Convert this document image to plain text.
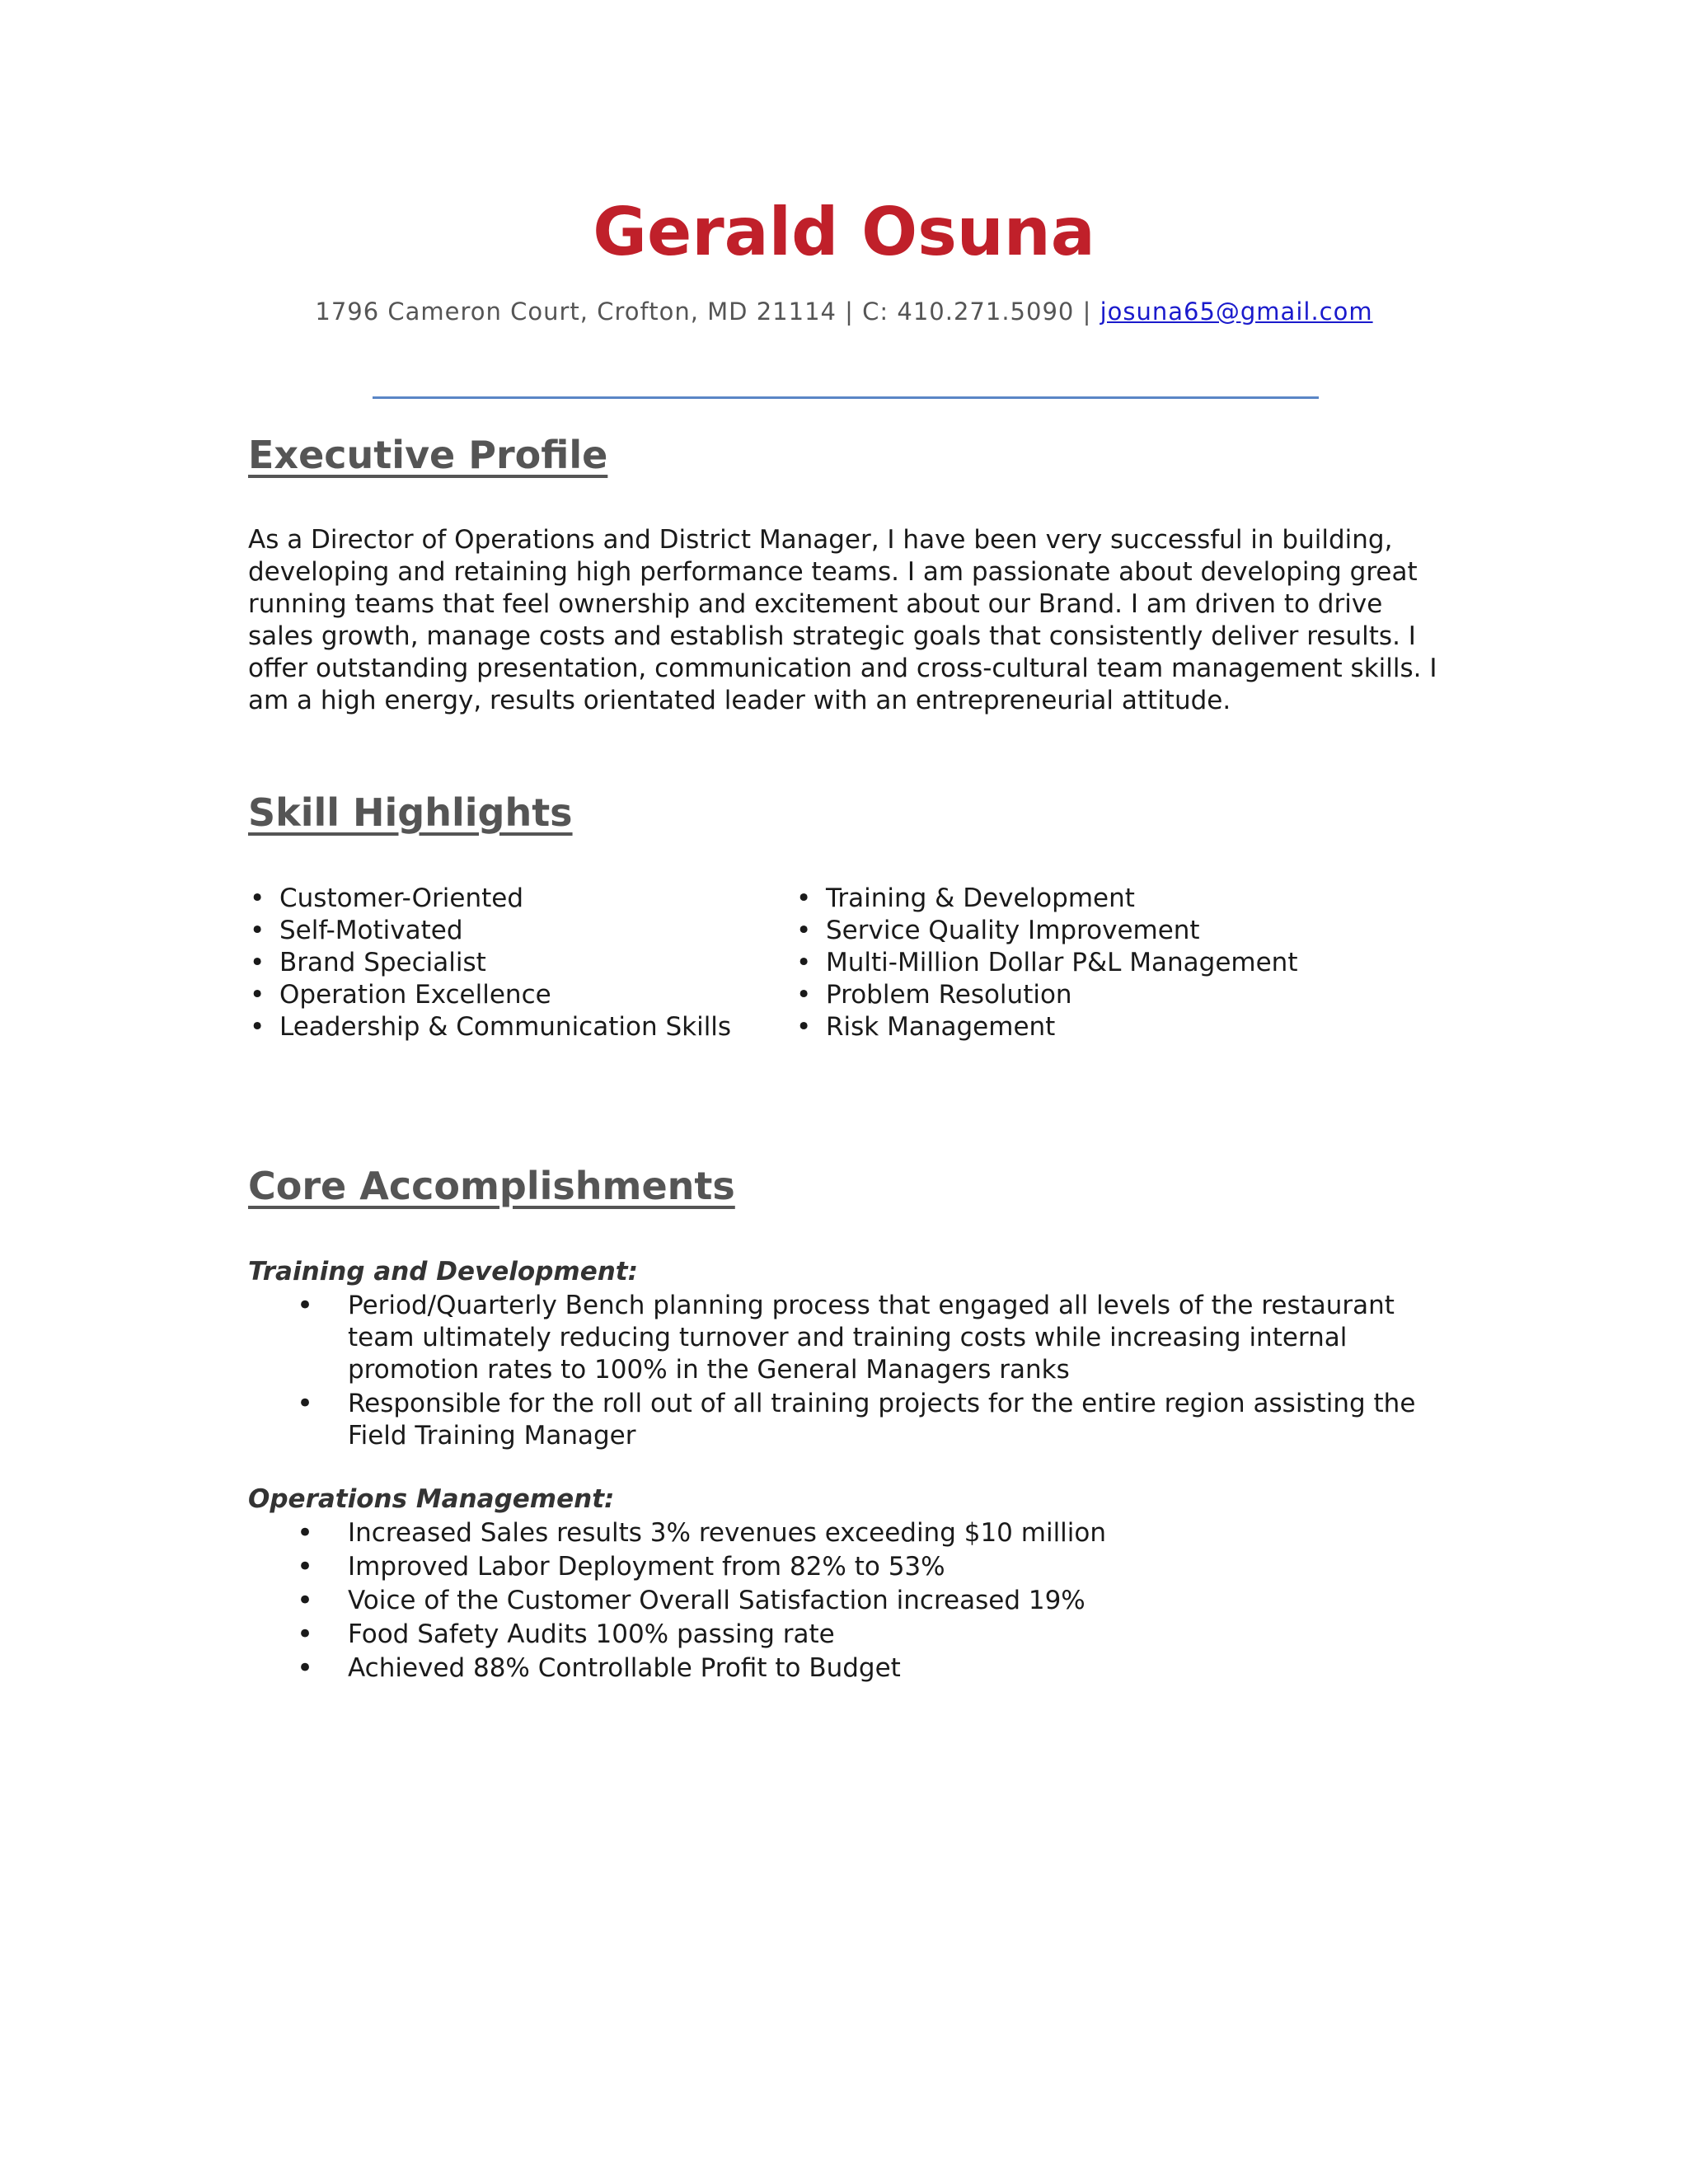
Gerald Osuna
1796 Cameron Court, Crofton, MD 21114 | C: 410.271.5090 | josuna65@gmail.com
Executive Profile

As a Director of Operations and District Manager, I have been very successful in building, developing and retaining high performance teams. I am passionate about developing great running teams that feel ownership and excitement about our Brand. I am driven to drive sales growth, manage costs and establish strategic goals that consistently deliver results. I offer outstanding presentation, communication and cross-cultural team management skills. I am a high energy, results orientated leader with an entrepreneurial attitude.

Skill Highlights
• Customer-Oriented
• Self-Motivated
• Brand Specialist
• Operation Excellence
• Leadership & Communication Skills
• Training & Development
• Service Quality Improvement
• Multi-Million Dollar P&L Management
• Problem Resolution
• Risk Management
Core Accomplishments

Training and Development:

• Period/Quarterly Bench planning process that engaged all levels of the restaurant team ultimately reducing turnover and training costs while increasing internal promotion rates to 100% in the General Managers ranks
• Responsible for the roll out of all training projects for the entire region assisting the Field Training Manager

Operations Management:

• Increased Sales results 3% revenues exceeding $10 million
• Improved Labor Deployment from 82% to 53%
• Voice of the Customer Overall Satisfaction increased 19%
• Food Safety Audits 100% passing rate
• Achieved 88% Controllable Profit to Budget
